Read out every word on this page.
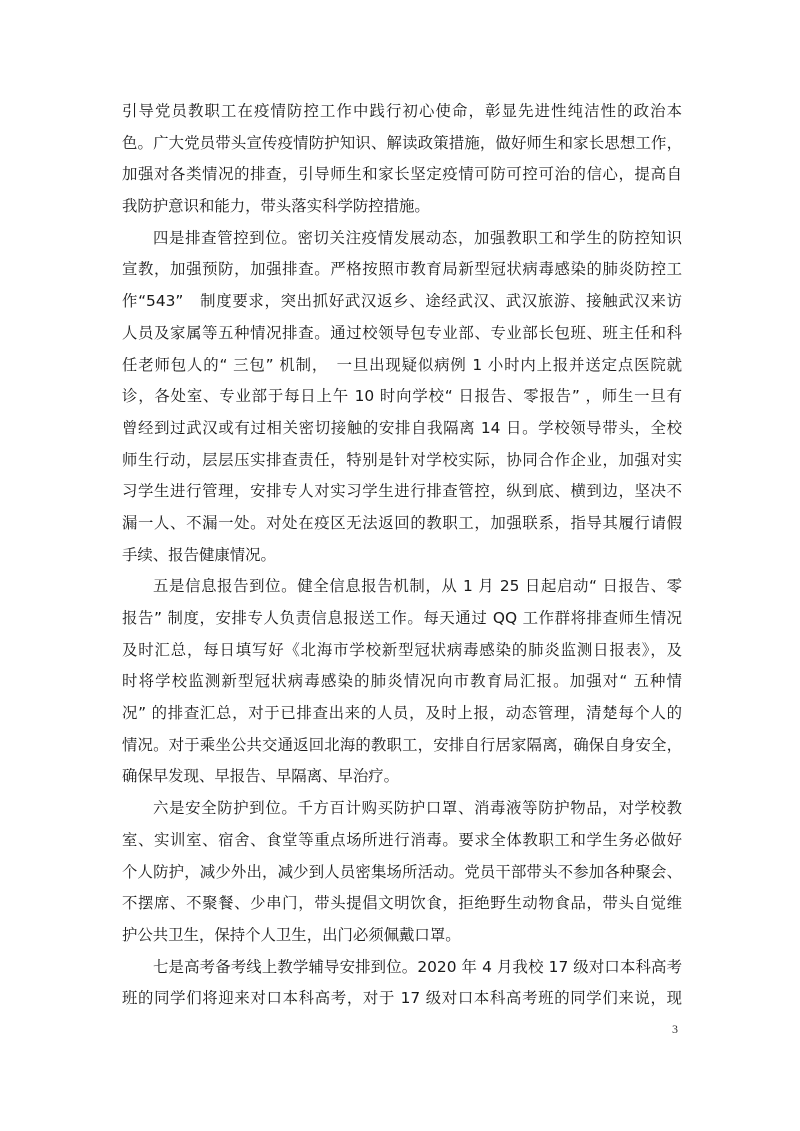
引导党员教职工在疫情防控工作中践行初心使命，彰显先进性纯洁性的政治本
色。广大党员带头宣传疫情防护知识、解读政策措施，做好师生和家长思想工作，
加强对各类情况的排查，引导师生和家长坚定疫情可防可控可治的信心，提高自
我防护意识和能力，带头落实科学防控措施。
四是排查管控到位。密切关注疫情发展动态，加强教职工和学生的防控知识
宣教，加强预防，加强排查。严格按照市教育局新型冠状病毒感染的肺炎防控工
作“543”　制度要求，突出抓好武汉返乡、途经武汉、武汉旅游、接触武汉来访
人员及家属等五种情况排查。通过校领导包专业部、专业部长包班、班主任和科
任老师包人的“ 三包” 机制，　一旦出现疑似病例 1 小时内上报并送定点医院就
诊，各处室、专业部于每日上午 10 时向学校“ 日报告、零报告” ，师生一旦有
曾经到过武汉或有过相关密切接触的安排自我隔离 14 日。学校领导带头，全校
师生行动，层层压实排查责任，特别是针对学校实际，协同合作企业，加强对实
习学生进行管理，安排专人对实习学生进行排查管控，纵到底、横到边，坚决不
漏一人、不漏一处。对处在疫区无法返回的教职工，加强联系，指导其履行请假
手续、报告健康情况。
五是信息报告到位。健全信息报告机制，从 1 月 25 日起启动“ 日报告、零
报告” 制度，安排专人负责信息报送工作。每天通过 QQ 工作群将排查师生情况
及时汇总，每日填写好《北海市学校新型冠状病毒感染的肺炎监测日报表》，及
时将学校监测新型冠状病毒感染的肺炎情况向市教育局汇报。加强对“ 五种情
况” 的排查汇总，对于已排查出来的人员，及时上报，动态管理，清楚每个人的
情况。对于乘坐公共交通返回北海的教职工，安排自行居家隔离，确保自身安全，
确保早发现、早报告、早隔离、早治疗。
六是安全防护到位。千方百计购买防护口罩、消毒液等防护物品，对学校教
室、实训室、宿舍、食堂等重点场所进行消毒。要求全体教职工和学生务必做好
个人防护，减少外出，减少到人员密集场所活动。党员干部带头不参加各种聚会、
不摆席、不聚餐、少串门，带头提倡文明饮食，拒绝野生动物食品，带头自觉维
护公共卫生，保持个人卫生，出门必须佩戴口罩。
七是高考备考线上教学辅导安排到位。2020 年 4 月我校 17 级对口本科高考
班的同学们将迎来对口本科高考，对于 17 级对口本科高考班的同学们来说，现
3
